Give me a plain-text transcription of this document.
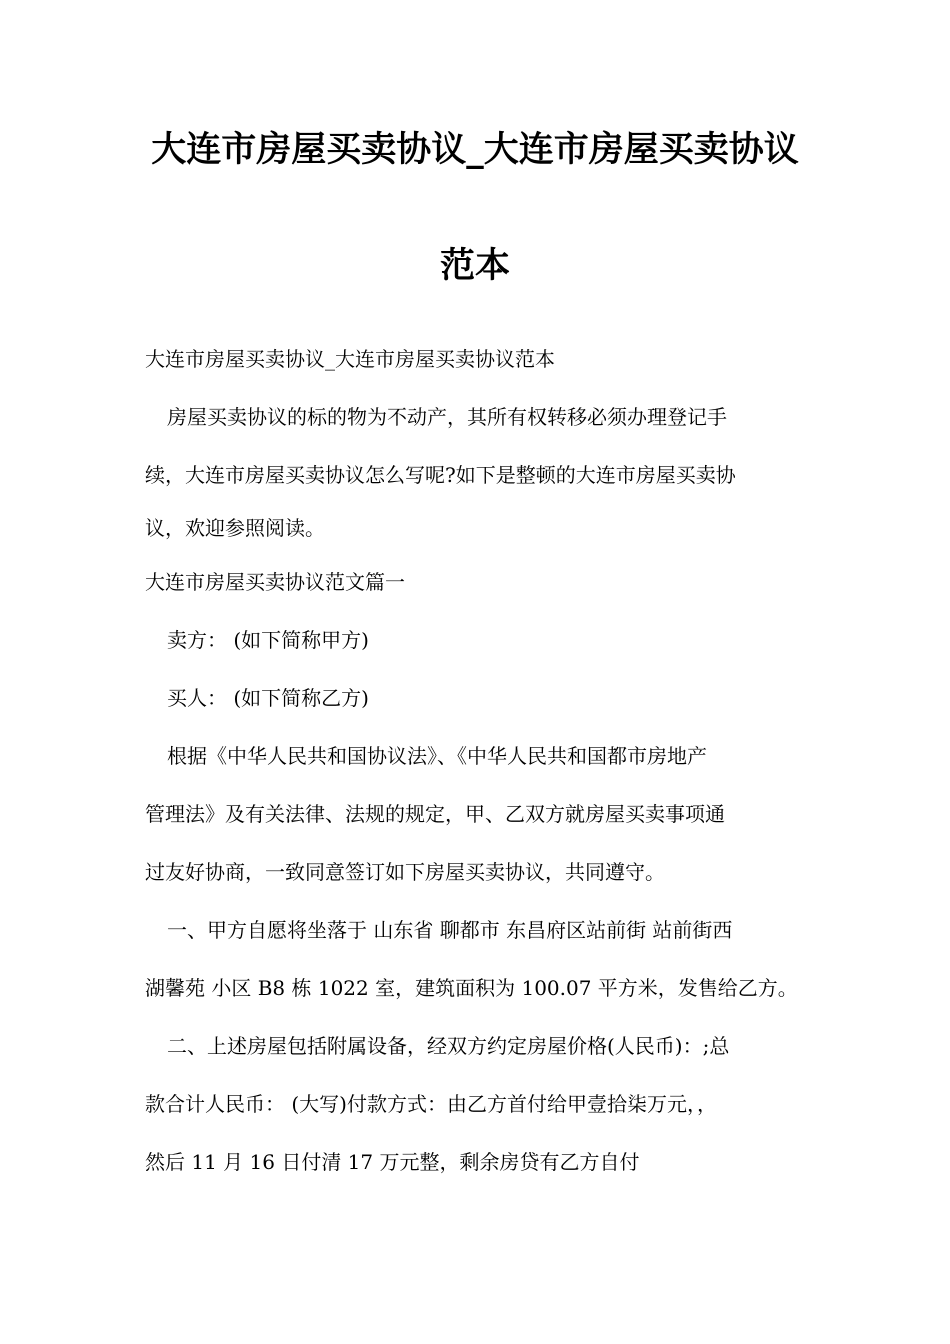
大连市房屋买卖协议_大连市房屋买卖协议
范本

大连市房屋买卖协议_大连市房屋买卖协议范本

房屋买卖协议的标的物为不动产，其所有权转移必须办理登记手

续，大连市房屋买卖协议怎么写呢?如下是整顿的大连市房屋买卖协

议，欢迎参照阅读。

大连市房屋买卖协议范文篇一

卖方： (如下简称甲方)

买人： (如下简称乙方)

根据《中华人民共和国协议法》、《中华人民共和国都市房地产

管理法》及有关法律、法规的规定，甲、乙双方就房屋买卖事项通

过友好协商，一致同意签订如下房屋买卖协议，共同遵守。

一、甲方自愿将坐落于 山东省 聊都市 东昌府区站前街 站前街西

湖馨苑 小区 B8 栋 1022 室，建筑面积为 100.07 平方米，发售给乙方。

二、上述房屋包括附属设备，经双方约定房屋价格(人民币)：;总

款合计人民币： (大写)付款方式：由乙方首付给甲壹拾柒万元，，

然后 11 月 16 日付清 17 万元整，剩余房贷有乙方自付
